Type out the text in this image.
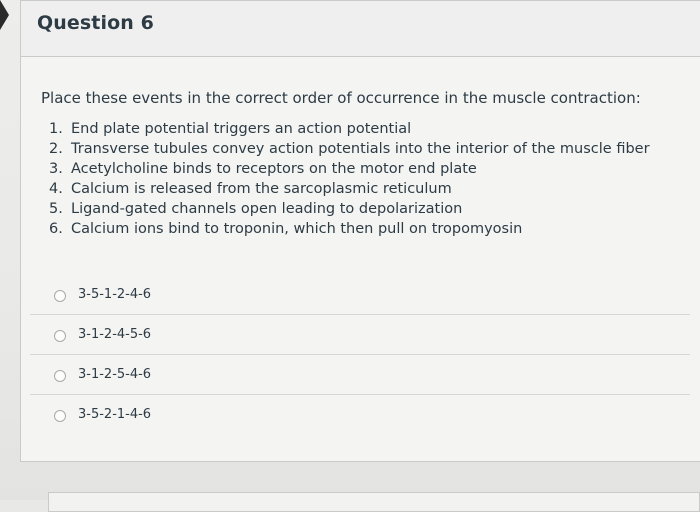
Question 6
Place these events in the correct order of occurrence in the muscle contraction:
1. End plate potential triggers an action potential
2. Transverse tubules convey action potentials into the interior of the muscle fiber
3. Acetylcholine binds to receptors on the motor end plate
4. Calcium is released from the sarcoplasmic reticulum
5. Ligand-gated channels open leading to depolarization
6. Calcium ions bind to troponin, which then pull on tropomyosin
3-5-1-2-4-6
3-1-2-4-5-6
3-1-2-5-4-6
3-5-2-1-4-6
